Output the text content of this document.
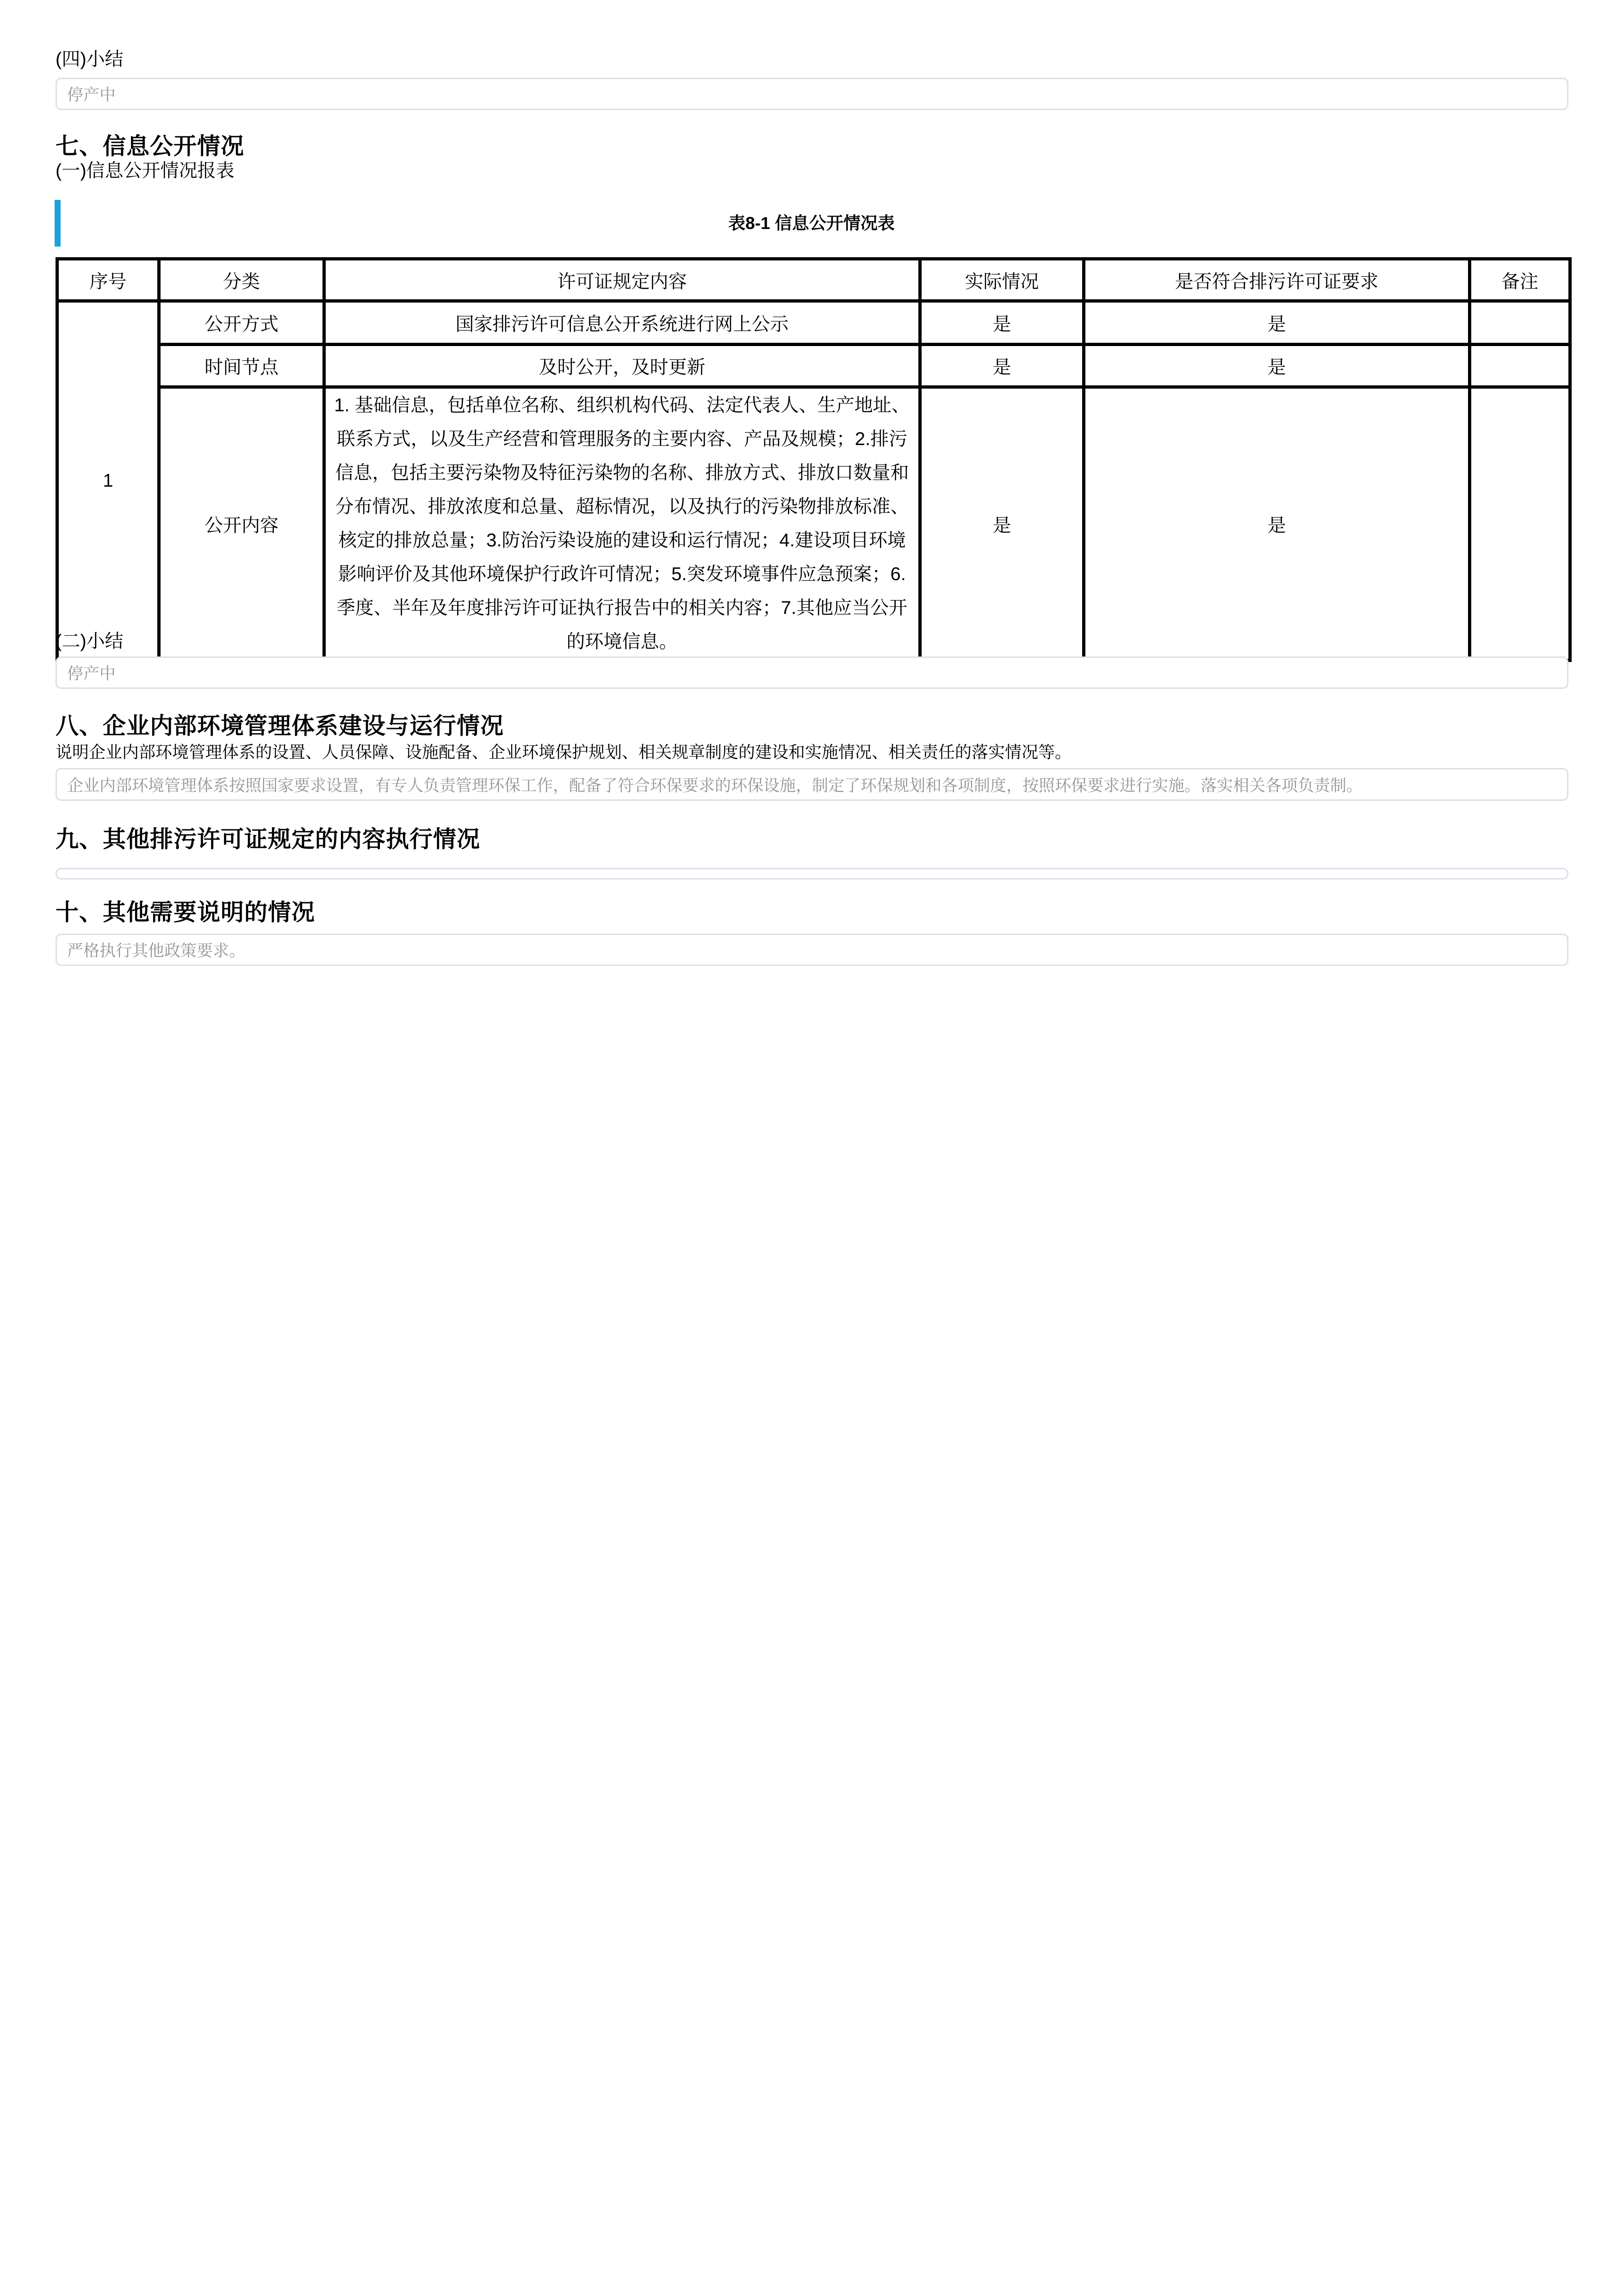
(四)小结
停产中
七、信息公开情况
(一)信息公开情况报表
表8-1 信息公开情况表
序号	分类	许可证规定内容	实际情况	是否符合排污许可证要求	备注
1	公开方式	国家排污许可信息公开系统进行网上公示	是	是	
	时间节点	及时公开，及时更新	是	是	
	公开内容	1. 基础信息，包括单位名称、组织机构代码、法定代表人、生产地址、联系方式，以及生产经营和管理服务的主要内容、产品及规模；2.排污信息，包括主要污染物及特征污染物的名称、排放方式、排放口数量和分布情况、排放浓度和总量、超标情况，以及执行的污染物排放标准、核定的排放总量；3.防治污染设施的建设和运行情况；4.建设项目环境影响评价及其他环境保护行政许可情况；5.突发环境事件应急预案；6.季度、半年及年度排污许可证执行报告中的相关内容；7.其他应当公开的环境信息。	是	是	
(二)小结
停产中
八、企业内部环境管理体系建设与运行情况
说明企业内部环境管理体系的设置、人员保障、设施配备、企业环境保护规划、相关规章制度的建设和实施情况、相关责任的落实情况等。
企业内部环境管理体系按照国家要求设置，有专人负责管理环保工作，配备了符合环保要求的环保设施，制定了环保规划和各项制度，按照环保要求进行实施。落实相关各项负责制。
九、其他排污许可证规定的内容执行情况
十、其他需要说明的情况
严格执行其他政策要求。
